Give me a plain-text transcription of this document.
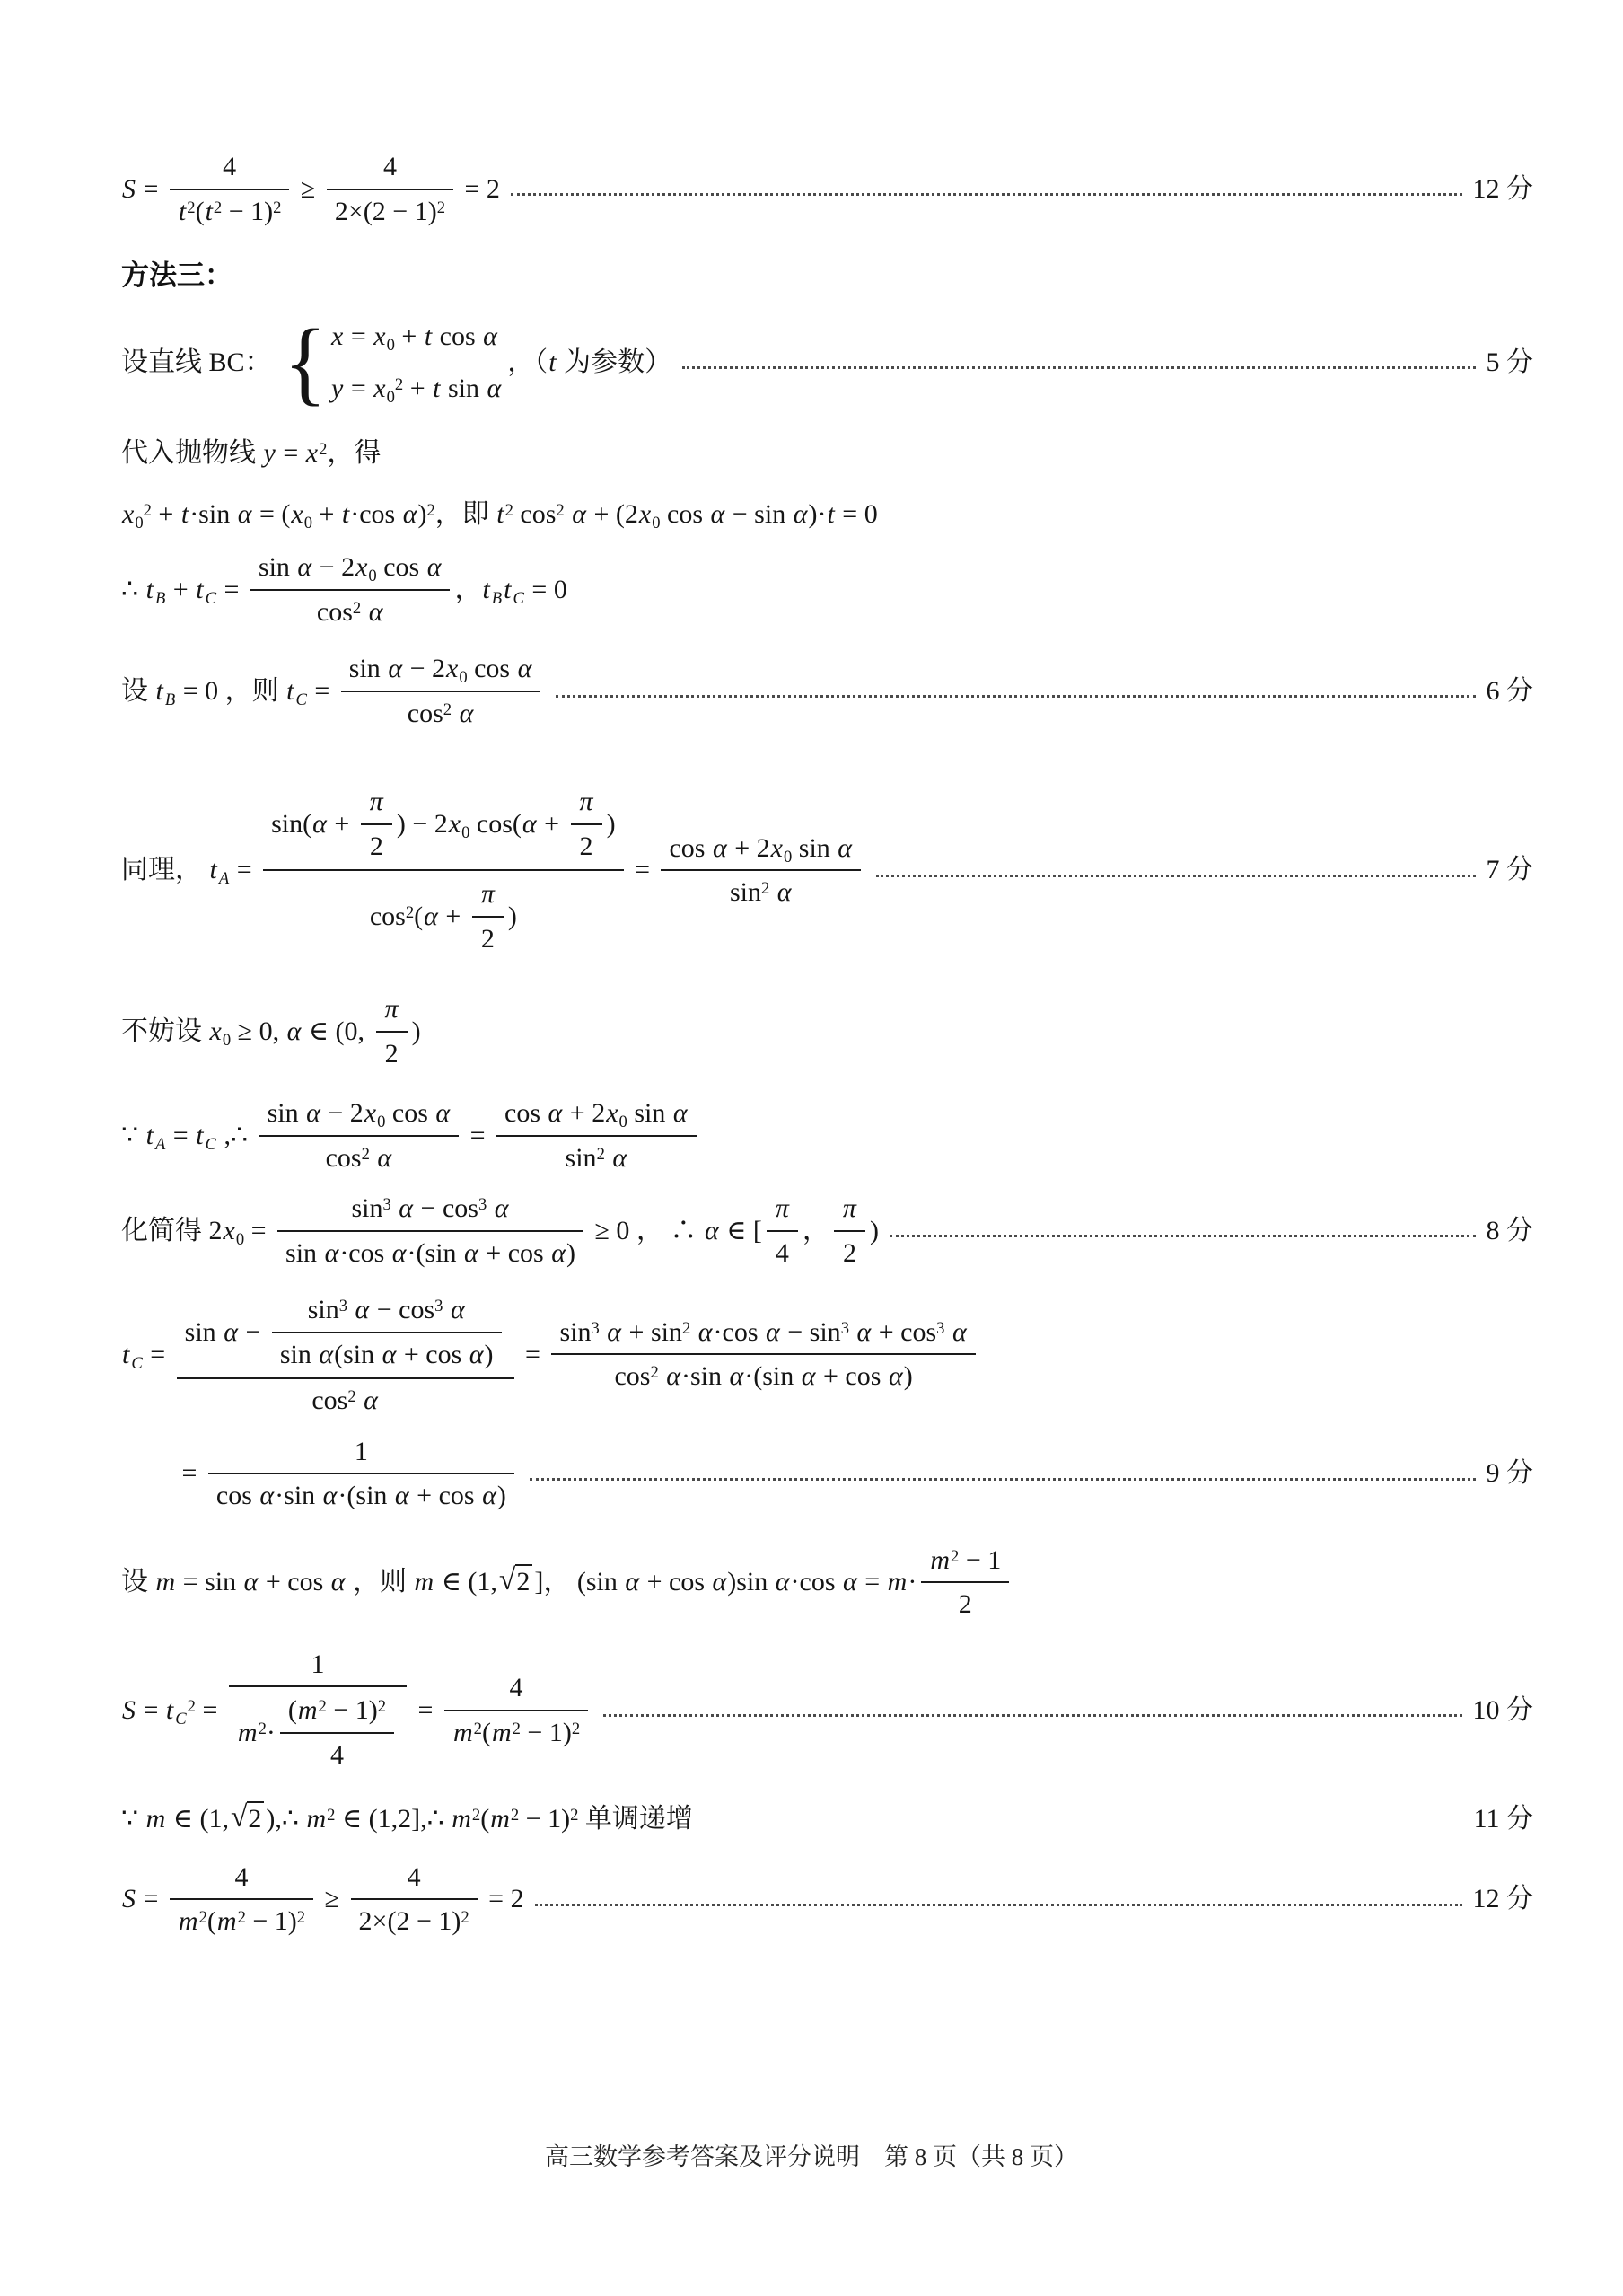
$S = \frac{4}{t^2(t^2 - 1)^2} \ge \frac{4}{2\times(2 - 1)^2} = 2$	12 分
方法三：
设直线 BC： { $x = x_0 + t$ cos α
$y = x_0^2 + t$ sin α
，（t 为参数）	5 分
代入抛物线 $y = x^2$，得
$x_0^2 + t\cdot\sin$ $\alpha = (x_0 + t\cdot\cos$ α)$^2$，即 $t^2$ $\cos^2 \alpha + (2x_0$ cos α − sin α)·t = 0
∴ t $_B$ + t $_C = \frac{\sin \alpha - 2x_0 \cos \alpha}{\cos^2 \alpha}$ ，t $_B$t $_C$ = 0
设 t $_B$ = 0 ，则 t $_C = \frac{\sin \alpha - 2x_0 \cos \alpha}{\cos^2 \alpha}$	6 分
同理， t $_A = \frac{\sin(\alpha + \frac{\pi}{2} ) - 2x_0 \cos(\alpha + \frac{\pi}{2} )}{\cos^2(\alpha + \frac{\pi}{2} )} = \frac{\cos \alpha + 2x_0 \sin \alpha}{\sin^2 \alpha}$	7 分
不妨设 $x_0 \ge 0$, α ∈ (0, $\frac{\pi}{2}$ )
∵ t $_A$ = t $_C$ ,∴ $\frac{\sin \alpha - 2x_0 \cos \alpha}{\cos^2 \alpha} = \frac{\cos \alpha + 2x_0 \sin \alpha}{\sin^2 \alpha}$
化简得 $2x_0 = \frac{\sin^3 \alpha - \cos^3 \alpha}{\text{sin α·cos α·(sin α + cos α)}} \ge 0$ ， ∴ α ∈ [ $\frac{\pi}{4}$ ， $\frac{\pi}{2}$ )	8 分
t $_C = \frac{\sin \alpha - \frac{\sin^3 \alpha - \cos^3 \alpha}{\text{sin α(sin α + cos α)}}}{\cos^2 \alpha} = \frac{\sin^3 \alpha + \sin^2 \alpha\cdot\cos \alpha - \sin^3 \alpha + \cos^3 \alpha}{\cos^2 \alpha\cdot\sin \alpha\cdot(\sin \alpha + \cos \alpha)}$
= $\frac{1}{\text{cos α·sin α·(sin α + cos α)}}$	9 分
设 m = sin α + cos α ，则 m ∈ (1, √ 2 ]， (sin α + cos α)sin α·cos $\alpha = m\cdot \frac{m^2 - 1}{2}$
S = t $_C^2 = \frac{1}{m^2\cdot \frac{(m^2 - 1)^2}{4}} = \frac{4}{m^2(m^2 - 1)^2}$	10 分
∵ m ∈ (1, √ 2 ),∴ $m^2$ ∈ (1,2],∴ $m^2(m^2 - 1)^2$ 单调递增	11 分
$S = \frac{4}{m^2(m^2 - 1)^2} \ge \frac{4}{2\times(2 - 1)^2} = 2$	12 分
高三数学参考答案及评分说明　第 8 页（共 8 页）
